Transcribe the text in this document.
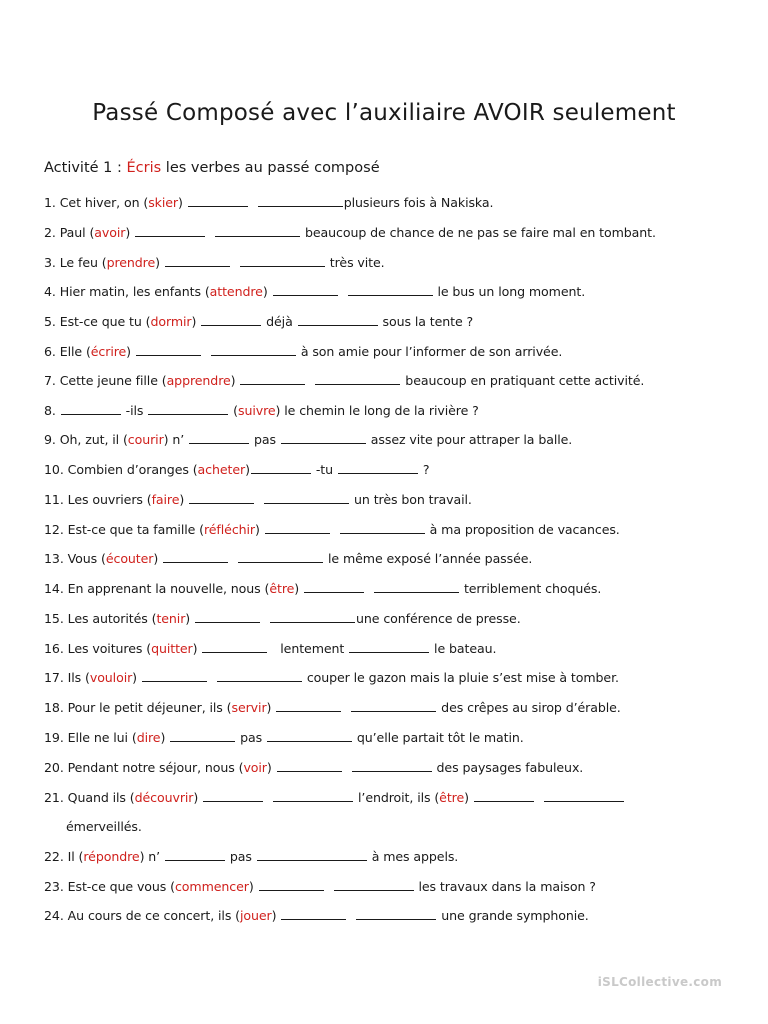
Passé Composé avec l’auxiliaire AVOIR seulement
Activité 1 : Écris les verbes au passé composé
1. Cet hiver, on (skier)	plusieurs fois à Nakiska.
2. Paul (avoir)	beaucoup de chance de ne pas se faire mal en tombant.
3. Le feu (prendre)	très vite.
4. Hier matin, les enfants (attendre)	le bus un long moment.
5. Est-ce que tu (dormir)	déjà	sous la tente ?
6. Elle (écrire)	à son amie pour l’informer de son arrivée.
7. Cette jeune fille (apprendre)	beaucoup en pratiquant cette activité.
8.	-ils	(suivre) le chemin le long de la rivière ?
9. Oh, zut, il (courir) n’	pas	assez vite pour attraper la balle.
10. Combien d’oranges (acheter)	-tu	?
11. Les ouvriers (faire)	un très bon travail.
12. Est-ce que ta famille (réfléchir)	à ma proposition de vacances.
13. Vous (écouter)	le même exposé l’année passée.
14. En apprenant la nouvelle, nous (être)	terriblement choqués.
15. Les autorités (tenir)	une conférence de presse.
16. Les voitures (quitter)	lentement	le bateau.
17. Ils (vouloir)	couper le gazon mais la pluie s’est mise à tomber.
18. Pour le petit déjeuner, ils (servir)	des crêpes au sirop d’érable.
19. Elle ne lui (dire)	pas	qu’elle partait tôt le matin.
20. Pendant notre séjour, nous (voir)	des paysages fabuleux.
21. Quand ils (découvrir)	l’endroit, ils (être)
émerveillés.
22. Il (répondre) n’	pas	à mes appels.
23. Est-ce que vous (commencer)	les travaux dans la maison ?
24. Au cours de ce concert, ils (jouer)	une grande symphonie.
iSLCollective.com
